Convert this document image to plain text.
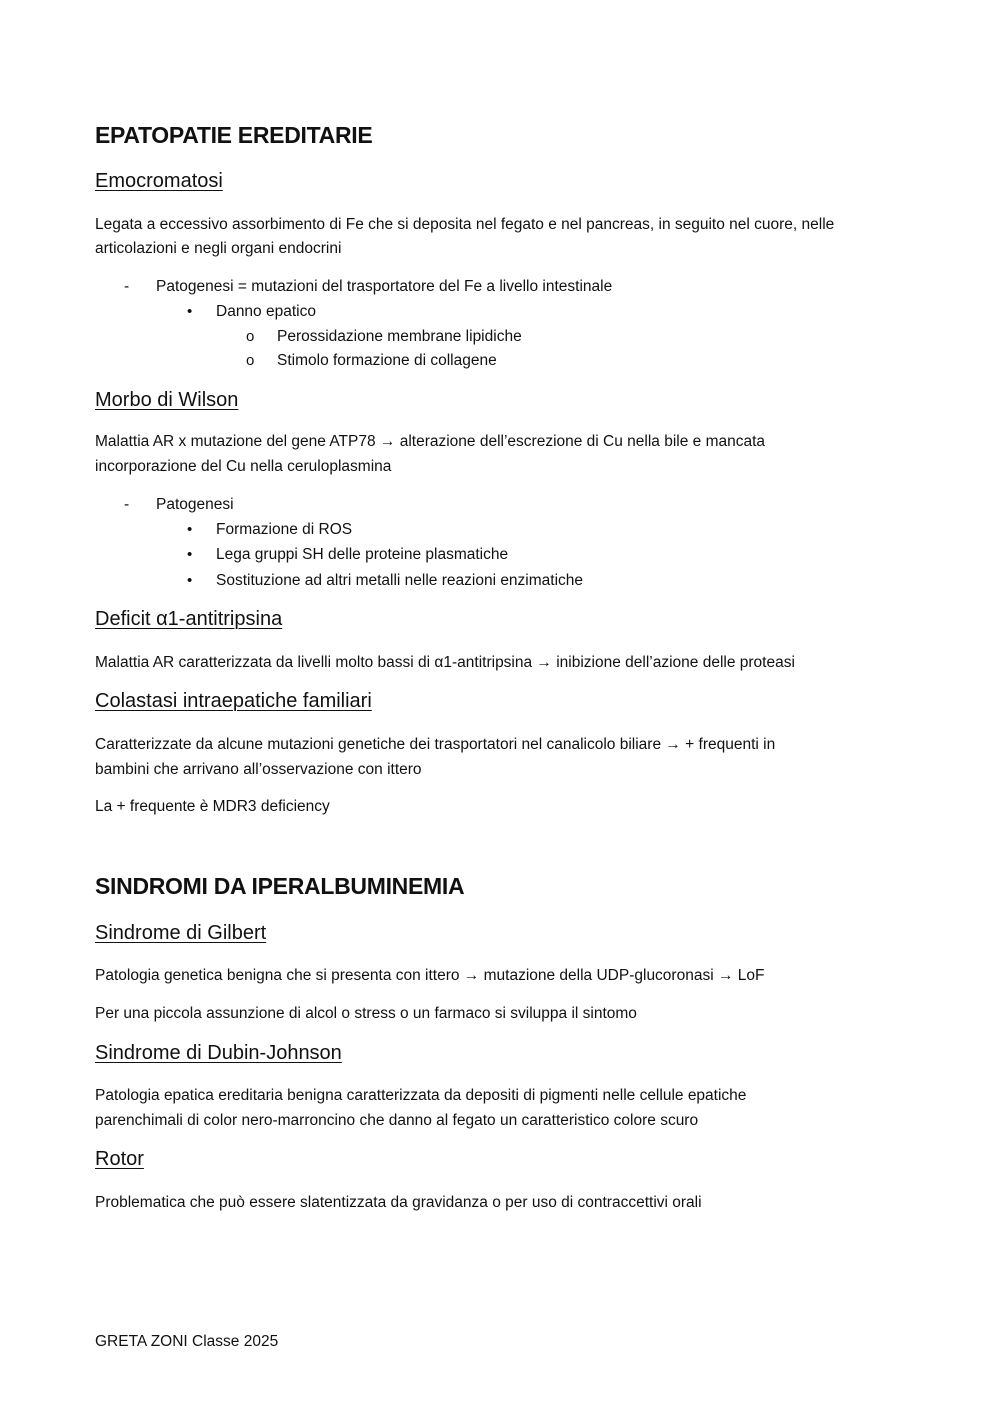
EPATOPATIE EREDITARIE
Emocromatosi
Legata a eccessivo assorbimento di Fe che si deposita nel fegato e nel pancreas, in seguito nel cuore, nelle
articolazioni e negli organi endocrini
- Patogenesi = mutazioni del trasportatore del Fe a livello intestinale
• Danno epatico
o Perossidazione membrane lipidiche
o Stimolo formazione di collagene
Morbo di Wilson
Malattia AR x mutazione del gene ATP78 → alterazione dell’escrezione di Cu nella bile e mancata
incorporazione del Cu nella ceruloplasmina
- Patogenesi
• Formazione di ROS
• Lega gruppi SH delle proteine plasmatiche
• Sostituzione ad altri metalli nelle reazioni enzimatiche
Deficit α1-antitripsina
Malattia AR caratterizzata da livelli molto bassi di α1-antitripsina → inibizione dell’azione delle proteasi
Colastasi intraepatiche familiari
Caratterizzate da alcune mutazioni genetiche dei trasportatori nel canalicolo biliare → + frequenti in
bambini che arrivano all’osservazione con ittero
La + frequente è MDR3 deficiency
SINDROMI DA IPERALBUMINEMIA
Sindrome di Gilbert
Patologia genetica benigna che si presenta con ittero → mutazione della UDP-glucoronasi → LoF
Per una piccola assunzione di alcol o stress o un farmaco si sviluppa il sintomo
Sindrome di Dubin-Johnson
Patologia epatica ereditaria benigna caratterizzata da depositi di pigmenti nelle cellule epatiche
parenchimali di color nero-marroncino che danno al fegato un caratteristico colore scuro
Rotor
Problematica che può essere slatentizzata da gravidanza o per uso di contraccettivi orali
GRETA ZONI Classe 2025
